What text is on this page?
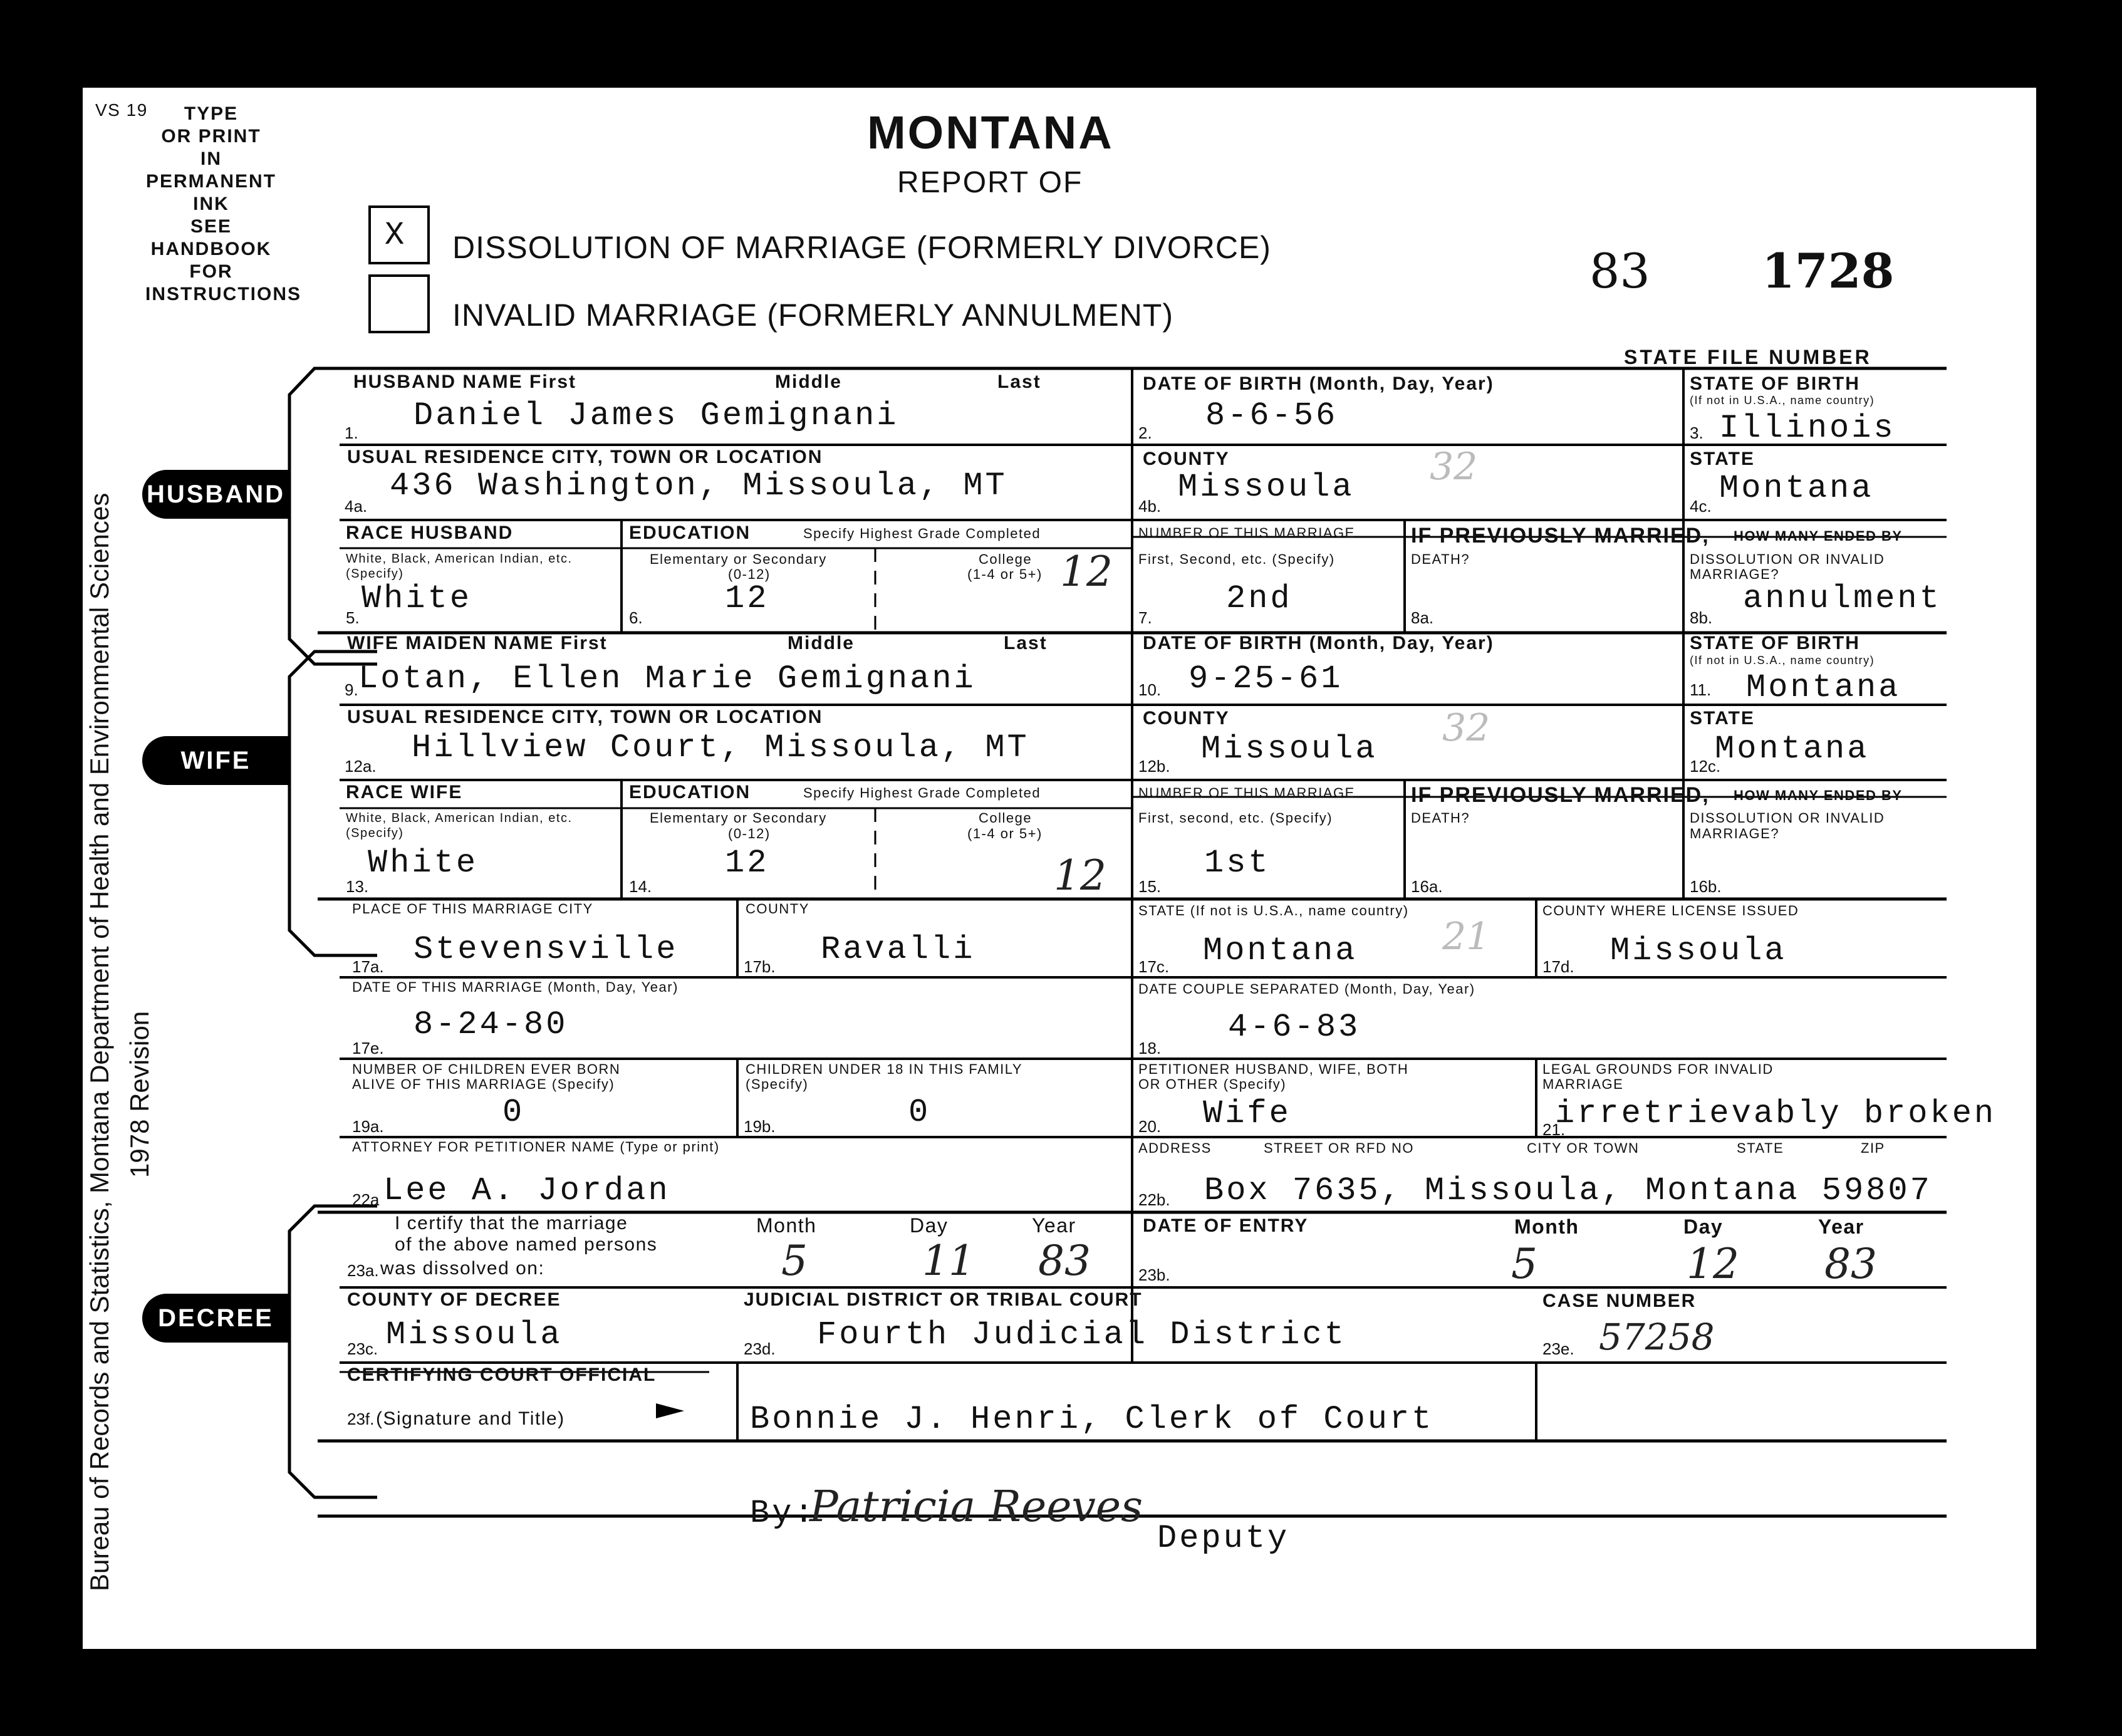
VS 19	TYPE
OR PRINT
IN
PERMANENT
INK
SEE
HANDBOOK
FOR
INSTRUCTIONS
MONTANA
REPORT OF
X DISSOLUTION OF MARRIAGE (FORMERLY DIVORCE)
INVALID MARRIAGE (FORMERLY ANNULMENT)
83 1728
STATE FILE NUMBER
Bureau of Records and Statistics, Montana Department of Health and Environmental Sciences 1978 Revision
HUSBAND
WIFE
DECREE
HUSBAND NAME First	Middle	Last
1. Daniel James Gemignani
DATE OF BIRTH (Month, Day, Year)
2. 8-6-56
STATE OF BIRTH
(If not in U.S.A., name country)
3. Illinois
USUAL RESIDENCE CITY, TOWN OR LOCATION
4a.
436 Washington, Missoula, MT
COUNTY
4b.
Missoula 32	STATE
4c. Montana
RACE HUSBAND
White, Black, American Indian, etc. (Specify)
5.
White
EDUCATION	Specify Highest Grade Completed
Elementary or Secondary
(0-12)
6.
12
College
(1-4 or 5+) 12
NUMBER OF THIS MARRIAGE
First, Second, etc. (Specify)
7.
2nd
IF PREVIOUSLY MARRIED, HOW MANY ENDED BY
DEATH?
8a.
DISSOLUTION OR INVALID
MARRIAGE?
8b.
annulment
WIFE MAIDEN NAME First	Middle	Last
9. Lotan, Ellen Marie Gemignani
DATE OF BIRTH (Month, Day, Year)
10. 9-25-61
STATE OF BIRTH
(If not in U.S.A., name country)
11. Montana
USUAL RESIDENCE CITY, TOWN OR LOCATION
12a. Hillview Court, Missoula, MT
COUNTY
12b. Missoula 32	STATE
12c.
Montana
RACE WIFE
White, Black, American Indian, etc. (Specify)
13.
White
EDUCATION	Specify Highest Grade Completed
Elementary or Secondary
(0-12)
14.
12
College
(1-4 or 5+)
12
NUMBER OF THIS MARRIAGE
First, second, etc. (Specify)
15.
1st
IF PREVIOUSLY MARRIED, HOW MANY ENDED BY
DEATH?
16a.
DISSOLUTION OR INVALID
MARRIAGE?
16b.
PLACE OF THIS MARRIAGE CITY
17a. Stevensville
COUNTY
17b. Ravalli
STATE (If not is U.S.A., name country)
17c. Montana 21
COUNTY WHERE LICENSE ISSUED
17d. Missoula
DATE OF THIS MARRIAGE (Month, Day, Year)
17e.
8-24-80
DATE COUPLE SEPARATED (Month, Day, Year)
18.
4-6-83
NUMBER OF CHILDREN EVER BORN
ALIVE OF THIS MARRIAGE (Specify)
19a.	0
CHILDREN UNDER 18 IN THIS FAMILY
(Specify)
19b.	0
PETITIONER HUSBAND, WIFE, BOTH
OR OTHER (Specify)
20. Wife
LEGAL GROUNDS FOR INVALID
MARRIAGE
21.
irretrievably broken
ATTORNEY FOR PETITIONER NAME (Type or print)
22a Lee A. Jordan
ADDRESS	STREET OR RFD NO	CITY OR TOWN	STATE	ZIP
22b. Box 7635, Missoula, Montana 59807
I certify that the marriage
of the above named persons
23a. was dissolved on:
Month	Day	Year
5	11 83
DATE OF ENTRY	Month	Day	Year
23b.	5	12 83
COUNTY OF DECREE
23c. Missoula
JUDICIAL DISTRICT OR TRIBAL COURT
23d. Fourth Judicial District
CASE NUMBER
23e. 57258
CERTIFYING COURT OFFICIAL
23f. (Signature and Title)	Bonnie J. Henri, Clerk of Court
By:
Patricia Reeves
Deputy
